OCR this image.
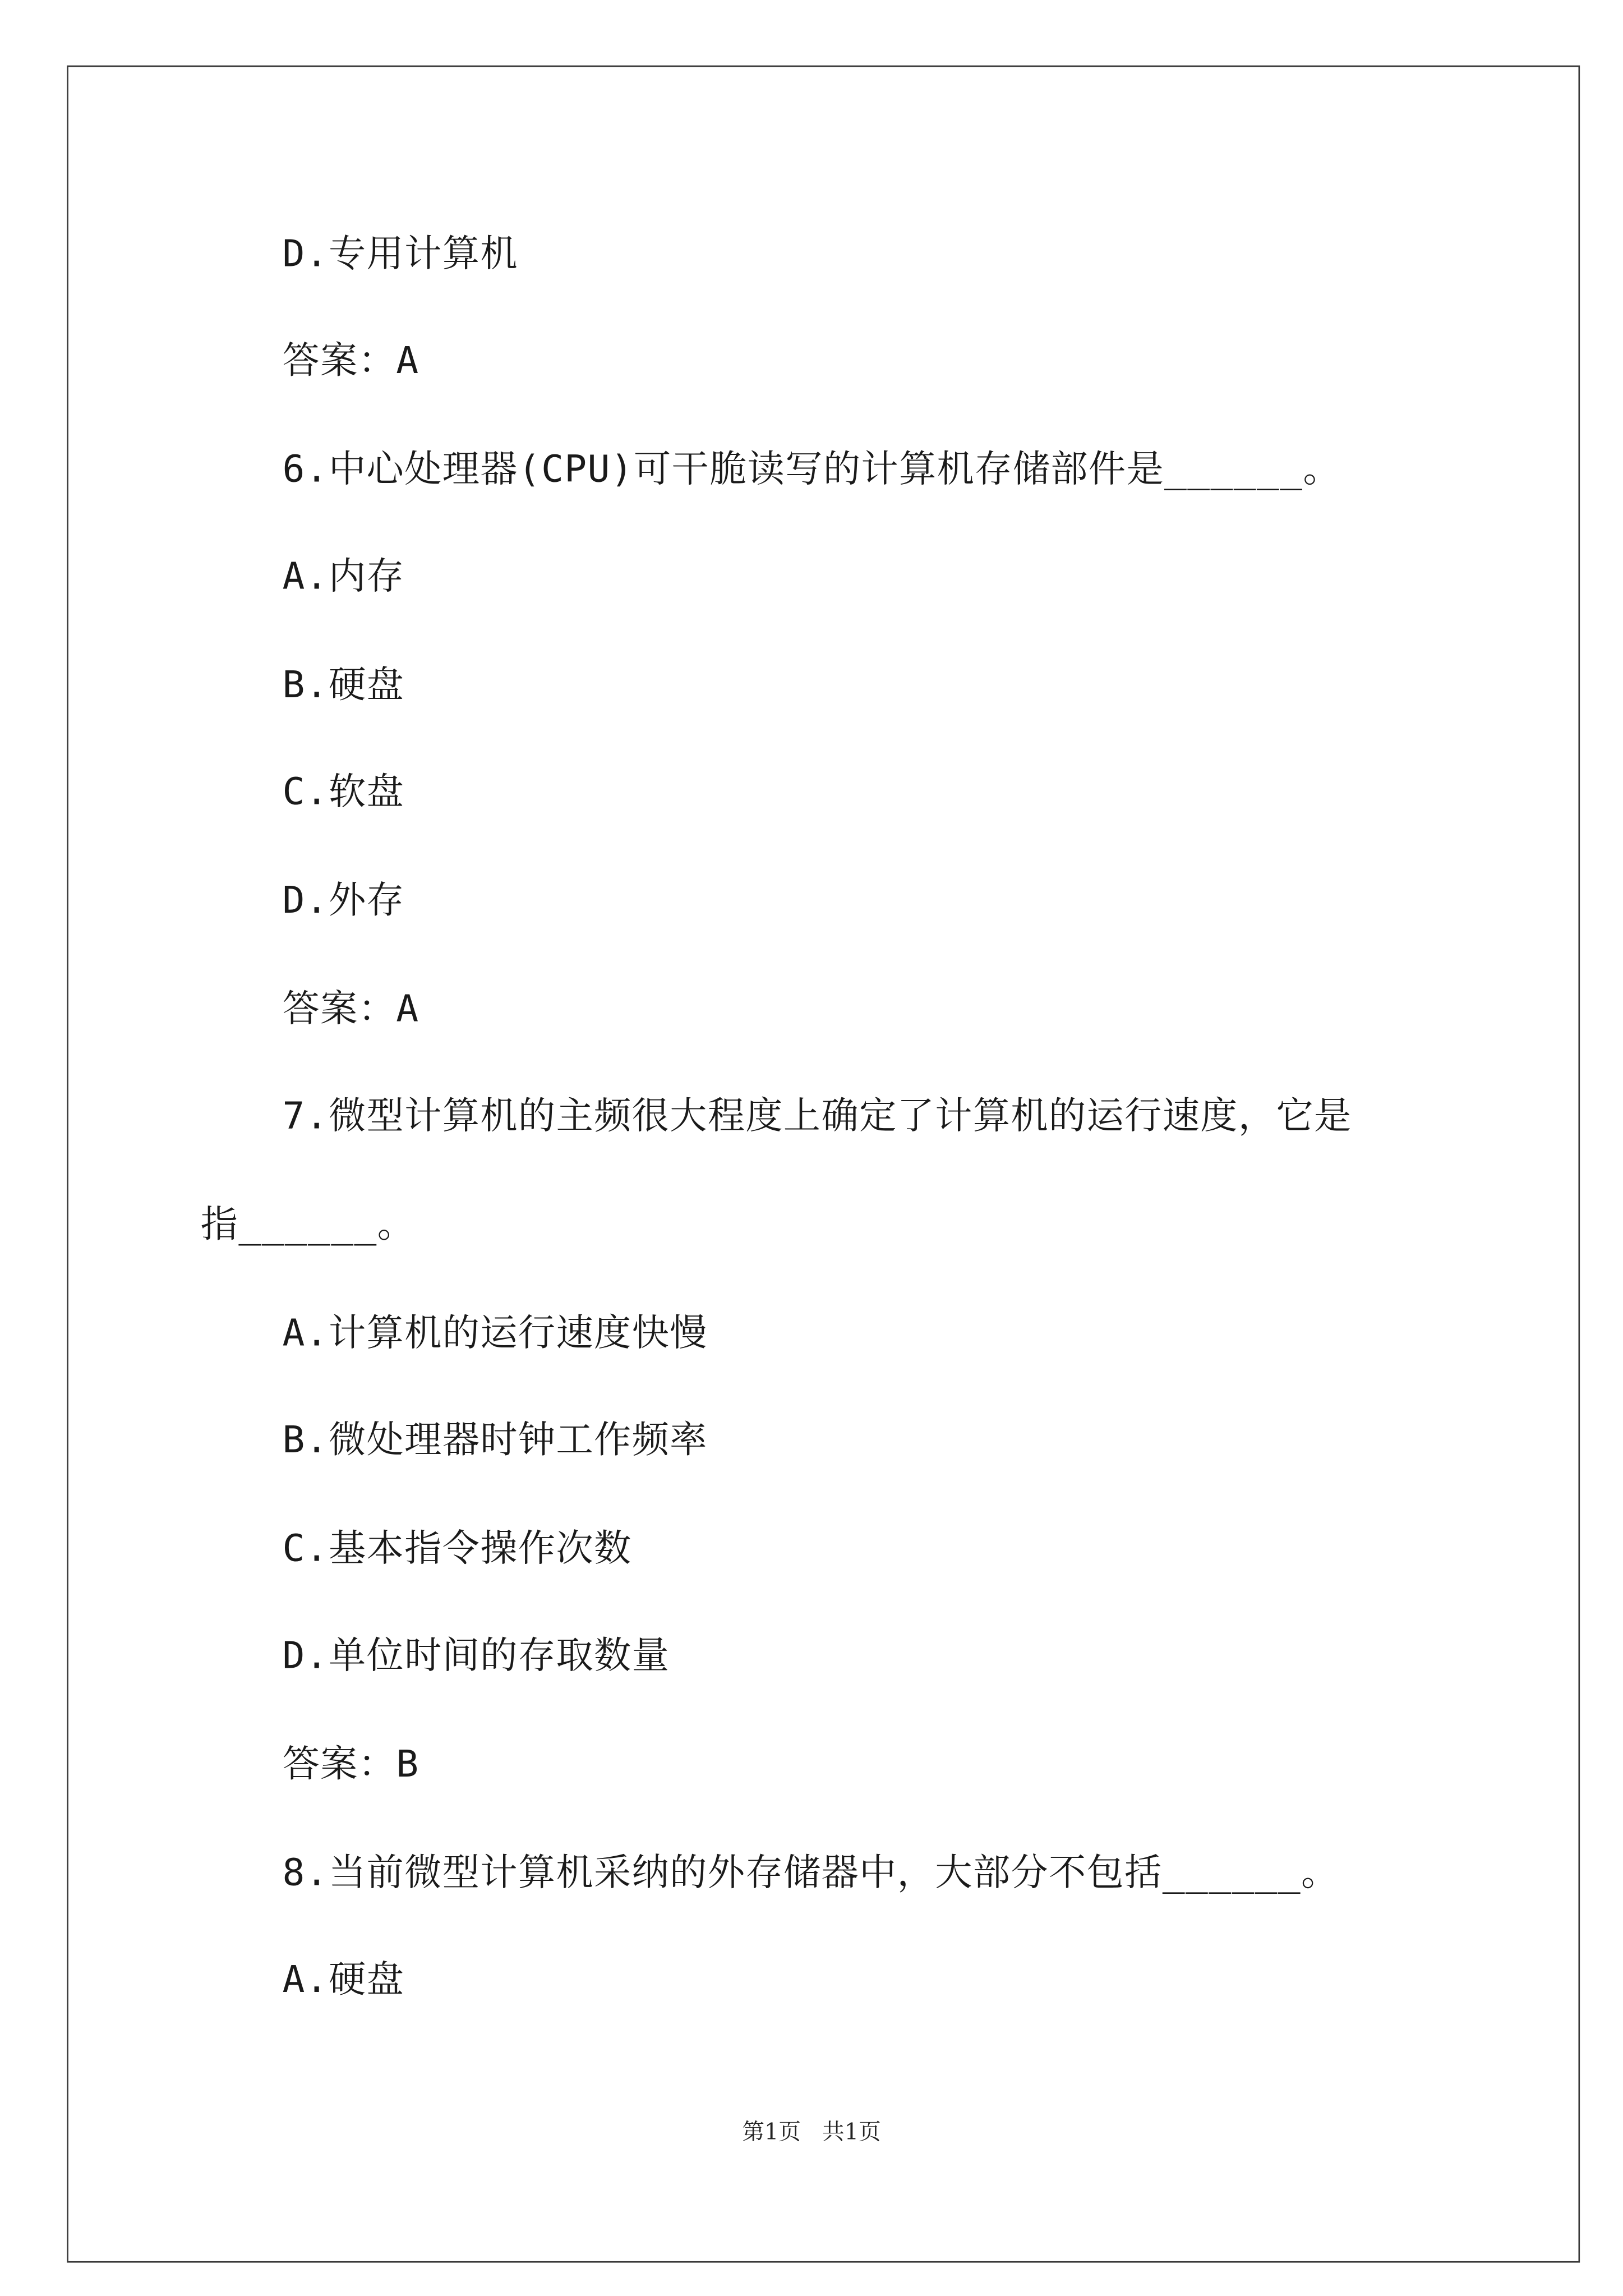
D.专用计算机
答案：A
6.中心处理器(CPU)可干脆读写的计算机存储部件是______。
A.内存
B.硬盘
C.软盘
D.外存
答案：A
7.微型计算机的主频很大程度上确定了计算机的运行速度，它是
指______。
A.计算机的运行速度快慢
B.微处理器时钟工作频率
C.基本指令操作次数
D.单位时间的存取数量
答案：B
8.当前微型计算机采纳的外存储器中，大部分不包括______。
A.硬盘
第1页   共1页
